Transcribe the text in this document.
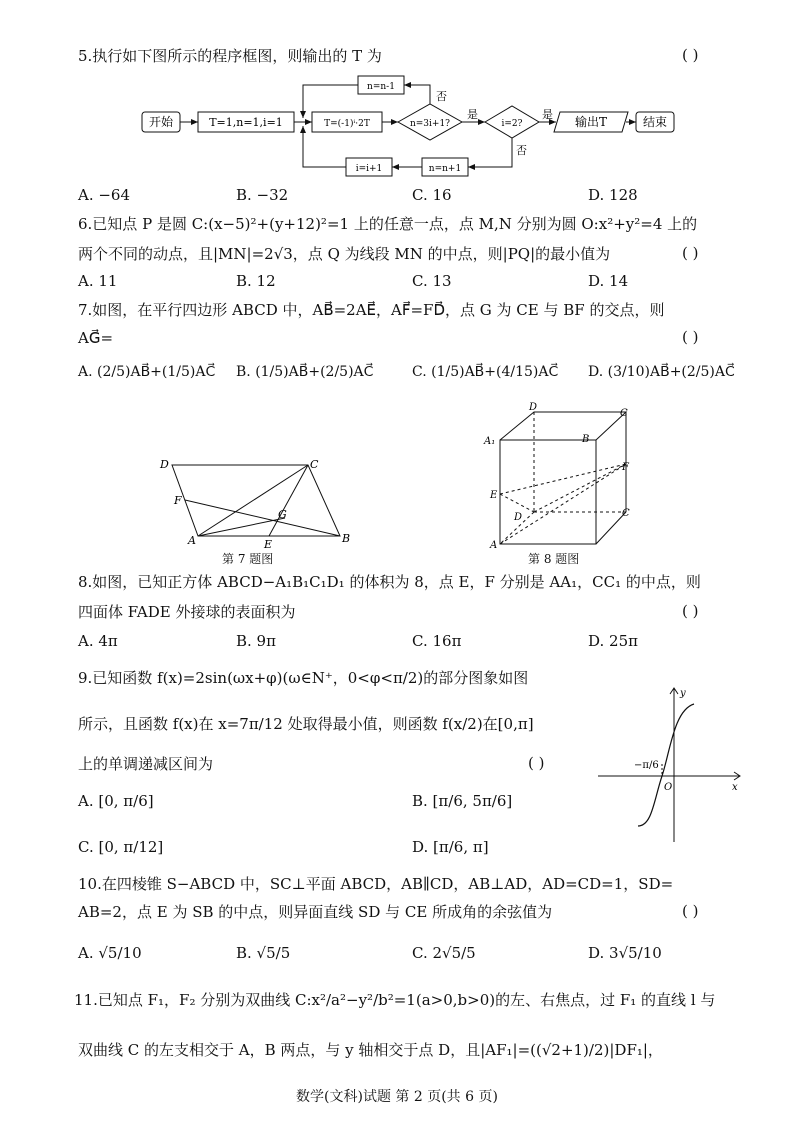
5.执行如下图所示的程序框图，则输出的 T 为	( )
开始	T=1,n=1,i=1	T=(-1)ⁱ·2T	n=3i+1?	i=2?	输出T	结束
n=n-1
n=n+1
i=i+1
否
是	是
否
A. −64	B. −32	C. 16	D. 128
6.已知点 P 是圆 C:(x−5)²+(y+12)²=1 上的任意一点，点 M,N 分别为圆 O:x²+y²=4 上的
两个不同的动点，且|MN|=2√3，点 Q 为线段 MN 的中点，则|PQ|的最小值为	( )
A. 11	B. 12	C. 13	D. 14
7.如图，在平行四边形 ABCD 中，AB⃗=2AE⃗，AF⃗=FD⃗，点 G 为 CE 与 BF 的交点，则
AG⃗=	( )
A. (2/5)AB⃗+(1/5)AC⃗ B. (1/5)AB⃗+(2/5)AC⃗	C. (1/5)AB⃗+(4/15)AC⃗ D. (3/10)AB⃗+(2/5)AC⃗
D	C
F
G
A	E	B
第 7 题图
D
C
A₁	B
F
E
D	C
A
第 8 题图
8.如图，已知正方体 ABCD−A₁B₁C₁D₁ 的体积为 8，点 E，F 分别是 AA₁，CC₁ 的中点，则
四面体 FADE 外接球的表面积为	( )
A. 4π	B. 9π	C. 16π	D. 25π
9.已知函数 f(x)=2sin(ωx+φ)(ω∈N⁺，0<φ<π/2)的部分图象如图
所示，且函数 f(x)在 x=7π/12 处取得最小值，则函数 f(x/2)在[0,π]
上的单调递减区间为	( )
A. [0, π/6]	B. [π/6, 5π/6]
C. [0, π/12]	D. [π/6, π]
−π/6
O	x
y
10.在四棱锥 S−ABCD 中，SC⊥平面 ABCD，AB∥CD，AB⊥AD，AD=CD=1，SD=
AB=2，点 E 为 SB 的中点，则异面直线 SD 与 CE 所成角的余弦值为	( )
A. √5/10	B. √5/5	C. 2√5/5	D. 3√5/10
11.已知点 F₁，F₂ 分别为双曲线 C:x²/a²−y²/b²=1(a>0,b>0)的左、右焦点，过 F₁ 的直线 l 与
双曲线 C 的左支相交于 A，B 两点，与 y 轴相交于点 D，且|AF₁|=((√2+1)/2)|DF₁|，
数学(文科)试题 第 2 页(共 6 页)
